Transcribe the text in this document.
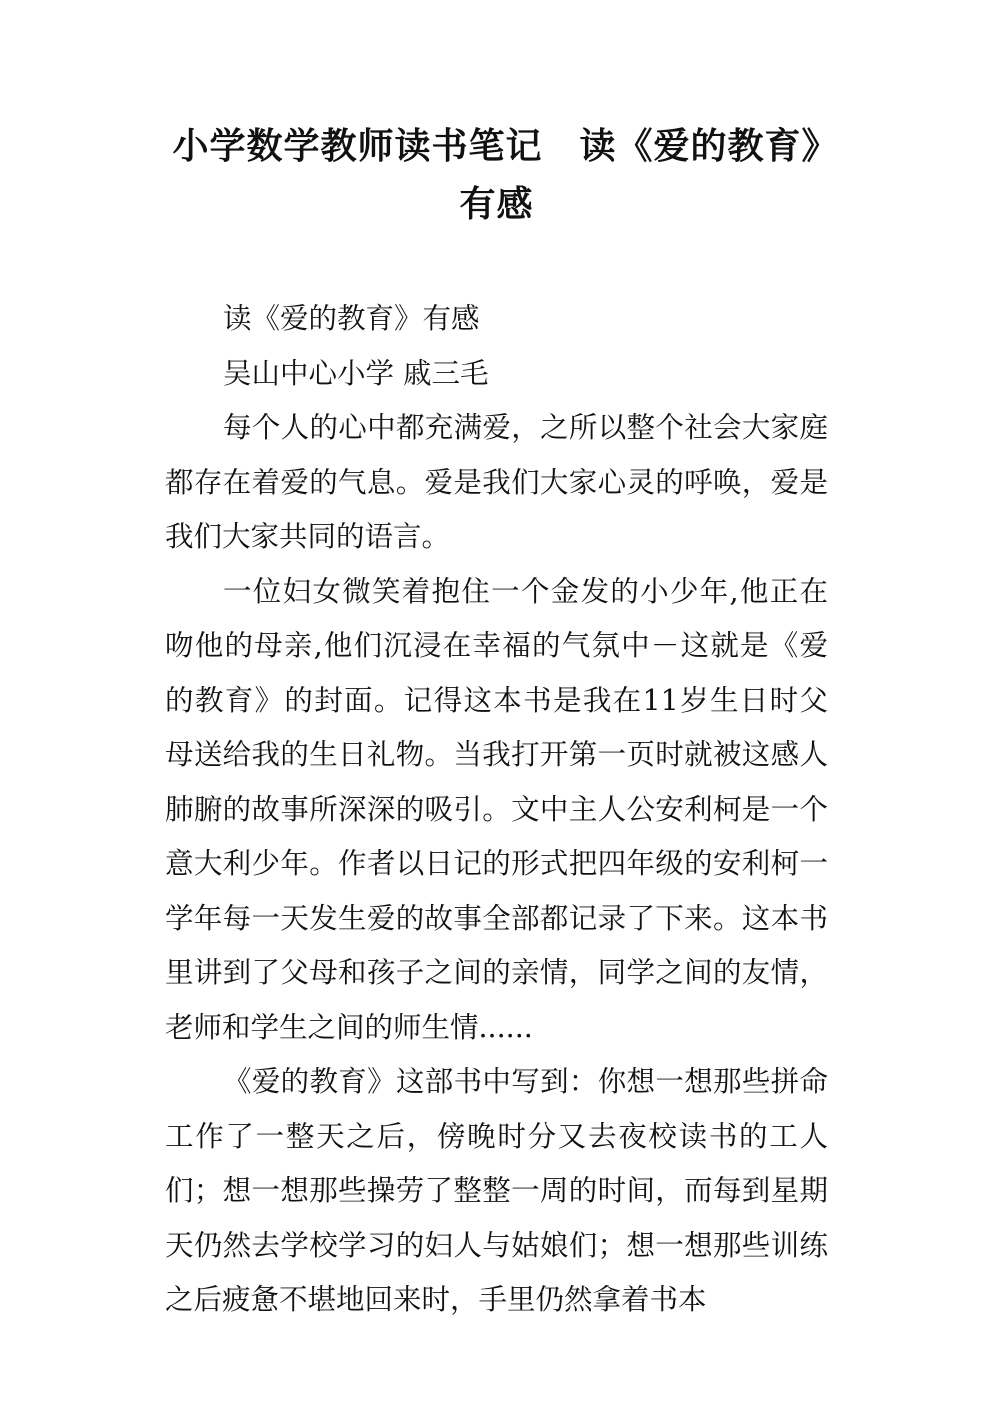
小学数学教师读书笔记　读《爱的教育》有感

读《爱的教育》有感

吴山中心小学 戚三毛

每个人的心中都充满爱，之所以整个社会大家庭都存在着爱的气息。爱是我们大家心灵的呼唤，爱是我们大家共同的语言。

一位妇女微笑着抱住一个金发的小少年,他正在吻他的母亲,他们沉浸在幸福的气氛中－这就是《爱的教育》的封面。记得这本书是我在11岁生日时父母送给我的生日礼物。当我打开第一页时就被这感人肺腑的故事所深深的吸引。文中主人公安利柯是一个意大利少年。作者以日记的形式把四年级的安利柯一学年每一天发生爱的故事全部都记录了下来。这本书里讲到了父母和孩子之间的亲情，同学之间的友情，老师和学生之间的师生情......

《爱的教育》这部书中写到：你想一想那些拼命工作了一整天之后，傍晚时分又去夜校读书的工人们；想一想那些操劳了整整一周的时间，而每到星期天仍然去学校学习的妇人与姑娘们；想一想那些训练之后疲惫不堪地回来时，手里仍然拿着书本
